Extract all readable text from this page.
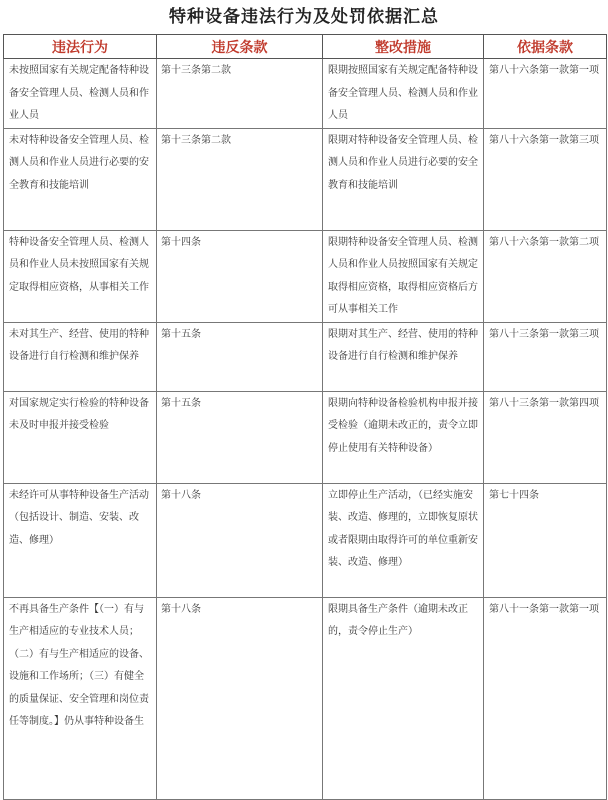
特种设备违法行为及处罚依据汇总
违法行为	违反条款	整改措施	依据条款
未按照国家有关规定配备特种设备安全管理人员、检测人员和作业人员	第十三条第二款	限期按照国家有关规定配备特种设备安全管理人员、检测人员和作业人员	第八十六条第一款第一项
未对特种设备安全管理人员、检测人员和作业人员进行必要的安全教育和技能培训	第十三条第二款	限期对特种设备安全管理人员、检测人员和作业人员进行必要的安全教育和技能培训	第八十六条第一款第三项
特种设备安全管理人员、检测人员和作业人员未按照国家有关规定取得相应资格，从事相关工作	第十四条	限期特种设备安全管理人员、检测人员和作业人员按照国家有关规定取得相应资格，取得相应资格后方可从事相关工作	第八十六条第一款第二项
未对其生产、经营、使用的特种设备进行自行检测和维护保养	第十五条	限期对其生产、经营、使用的特种设备进行自行检测和维护保养	第八十三条第一款第三项
对国家规定实行检验的特种设备未及时申报并接受检验	第十五条	限期向特种设备检验机构申报并接受检验（逾期未改正的，责令立即停止使用有关特种设备）	第八十三条第一款第四项
未经许可从事特种设备生产活动（包括设计、制造、安装、改造、修理）	第十八条	立即停止生产活动，（已经实施安装、改造、修理的，立即恢复原状或者限期由取得许可的单位重新安装、改造、修理）	第七十四条
不再具备生产条件【（一）有与生产相适应的专业技术人员；（二）有与生产相适应的设备、设施和工作场所；（三）有健全的质量保证、安全管理和岗位责任等制度。】仍从事特种设备生	第十八条	限期具备生产条件（逾期未改正的，责令停止生产）	第八十一条第一款第一项
